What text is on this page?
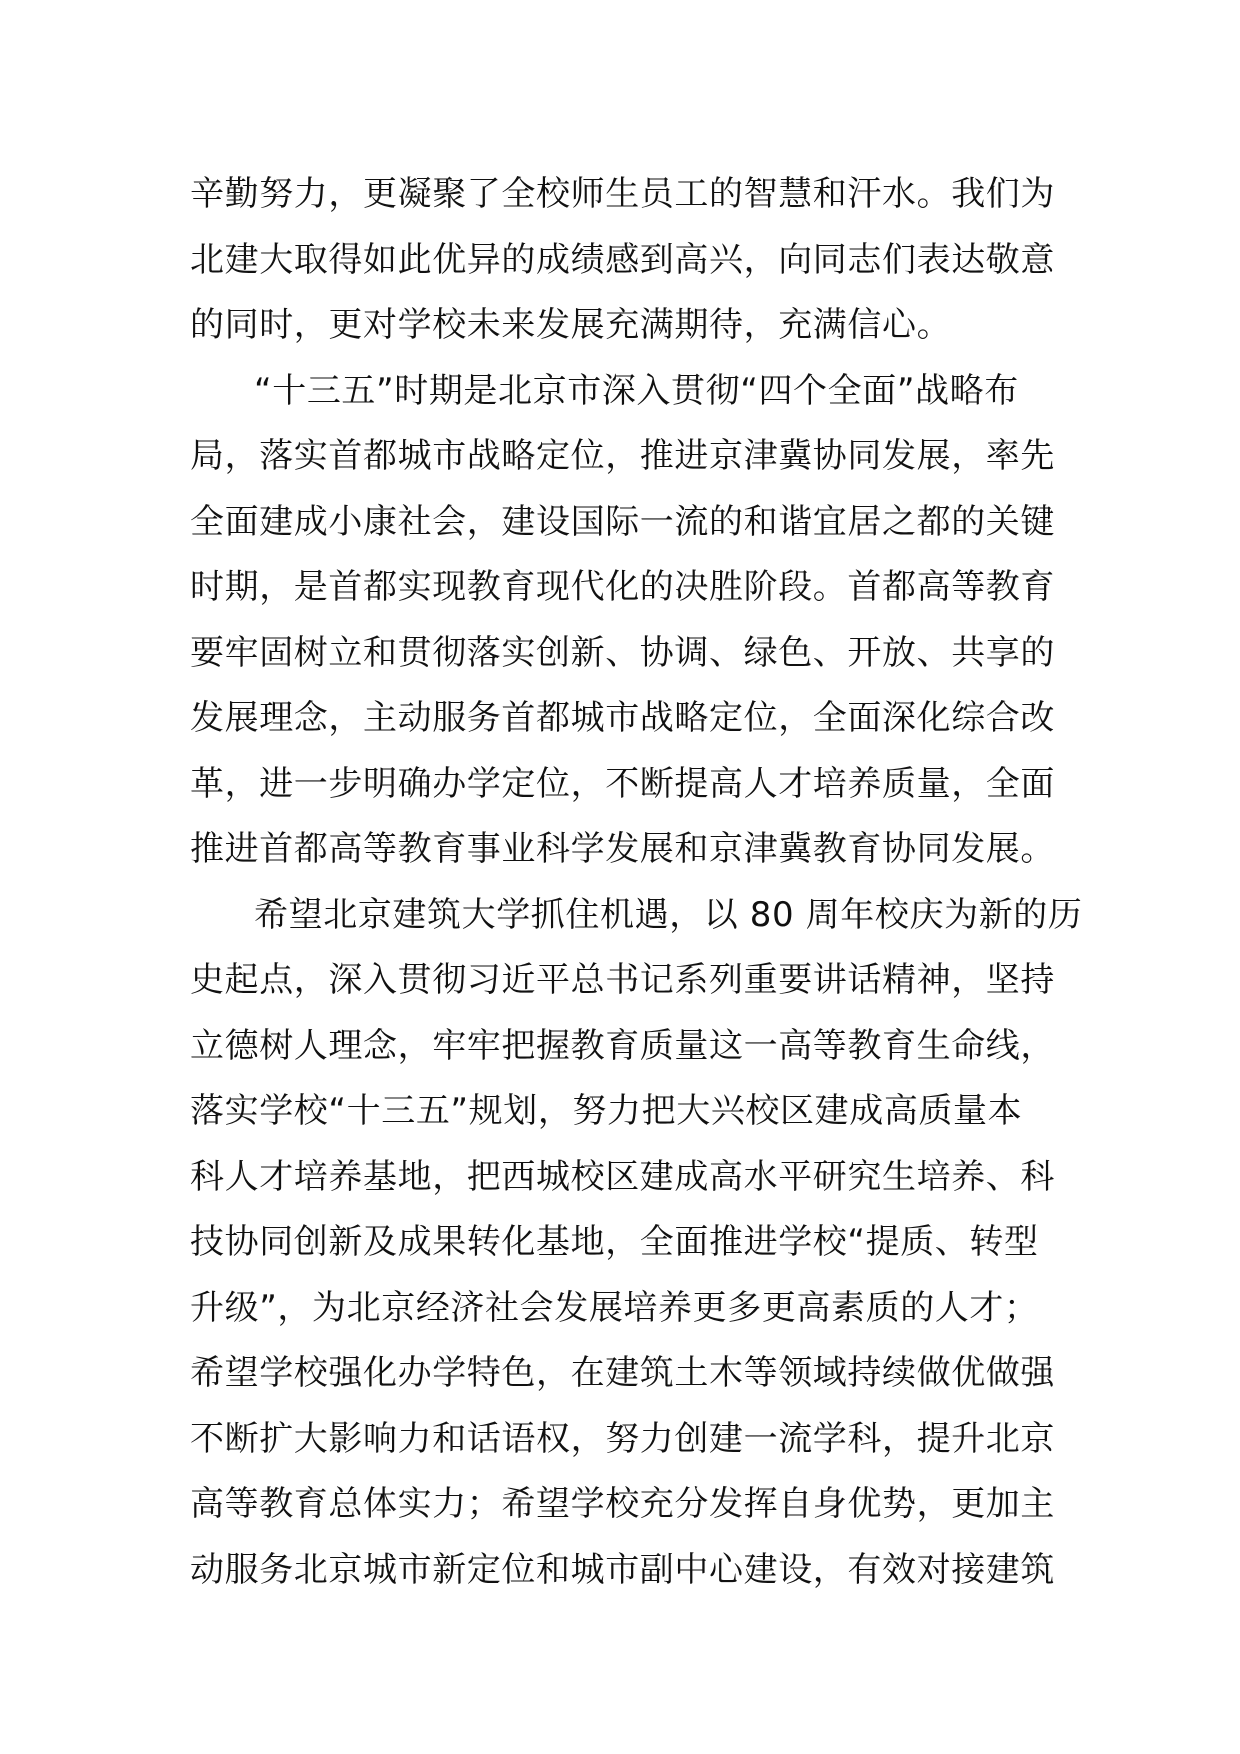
辛勤努力，更凝聚了全校师生员工的智慧和汗水。我们为
北建大取得如此优异的成绩感到高兴，向同志们表达敬意
的同时，更对学校未来发展充满期待，充满信心。
“十三五”时期是北京市深入贯彻“四个全面”战略布
局，落实首都城市战略定位，推进京津冀协同发展，率先
全面建成小康社会，建设国际一流的和谐宜居之都的关键
时期，是首都实现教育现代化的决胜阶段。首都高等教育
要牢固树立和贯彻落实创新、协调、绿色、开放、共享的
发展理念，主动服务首都城市战略定位，全面深化综合改
革，进一步明确办学定位，不断提高人才培养质量，全面
推进首都高等教育事业科学发展和京津冀教育协同发展。
希望北京建筑大学抓住机遇，以 80 周年校庆为新的历
史起点，深入贯彻习近平总书记系列重要讲话精神，坚持
立德树人理念，牢牢把握教育质量这一高等教育生命线，
落实学校“十三五”规划，努力把大兴校区建成高质量本
科人才培养基地，把西城校区建成高水平研究生培养、科
技协同创新及成果转化基地，全面推进学校“提质、转型
升级”，为北京经济社会发展培养更多更高素质的人才；
希望学校强化办学特色，在建筑土木等领域持续做优做强
不断扩大影响力和话语权，努力创建一流学科，提升北京
高等教育总体实力；希望学校充分发挥自身优势，更加主
动服务北京城市新定位和城市副中心建设，有效对接建筑
